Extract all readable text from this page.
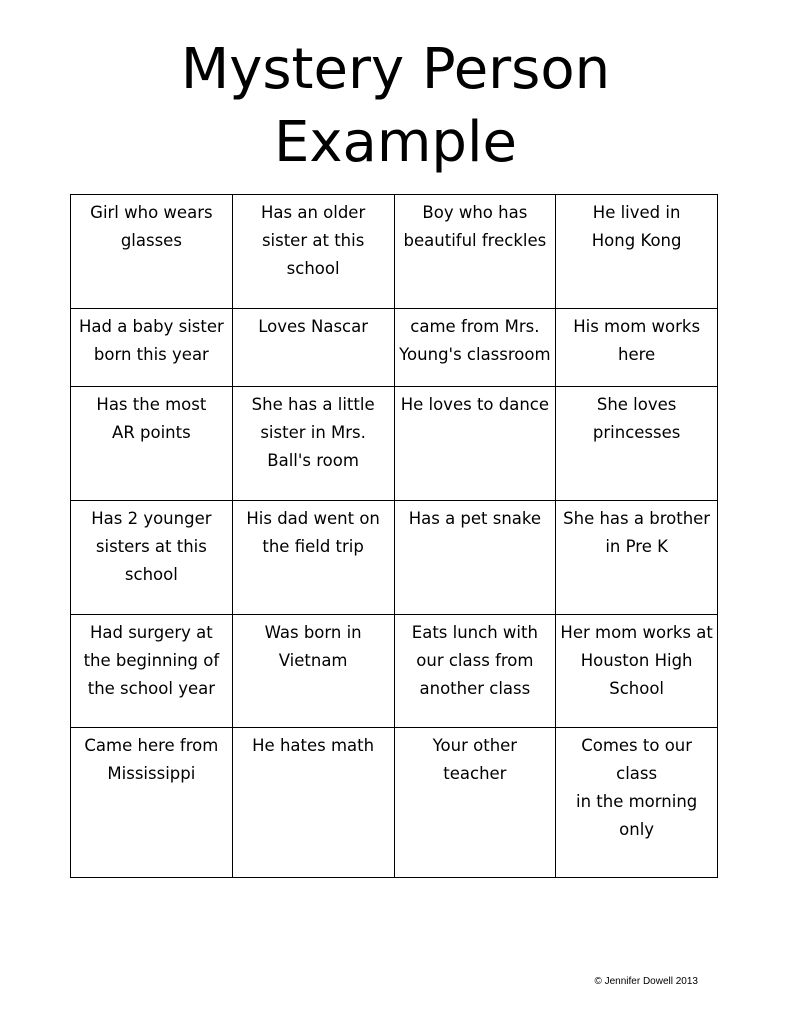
Mystery Person
Example
Girl who wears
glasses	Has an older
sister at this
school	Boy who has
beautiful freckles	He lived in
Hong Kong

Had a baby sister
born this year	Loves Nascar	came from Mrs.
Young's classroom	His mom works
here

Has the most
AR points	She has a little
sister in Mrs.
Ball's room	He loves to dance	She loves
princesses

Has 2 younger
sisters at this
school	His dad went on
the field trip	Has a pet snake	She has a brother
in Pre K

Had surgery at
the beginning of
the school year	Was born in
Vietnam	Eats lunch with
our class from
another class	Her mom works at
Houston High
School

Came here from
Mississippi	He hates math	Your other
teacher	Comes to our class
in the morning
only
© Jennifer Dowell 2013
